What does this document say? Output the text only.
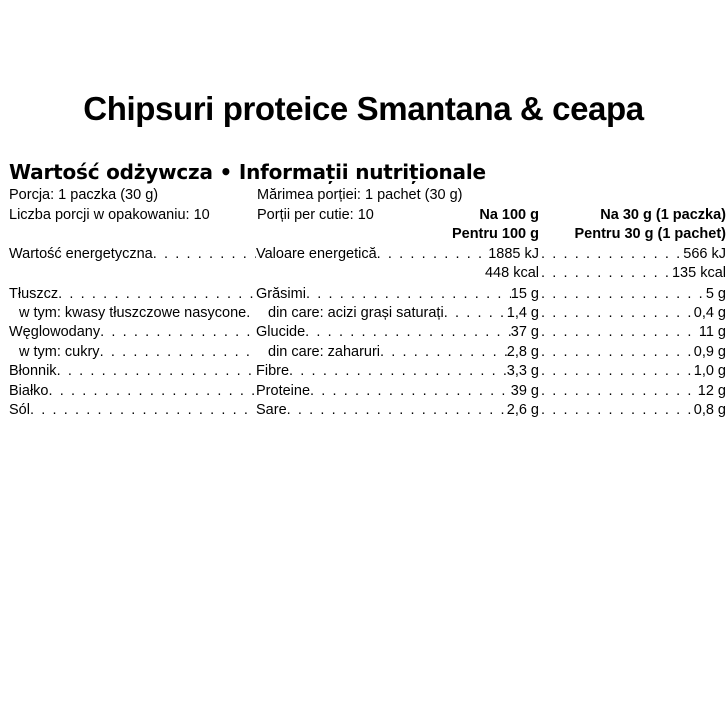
Chipsuri proteice Smantana & ceapa
Wartość odżywcza • Informații nutriționale
Porcja: 1 paczka (30 g)	Mărimea porției: 1 pachet (30 g)
Liczba porcji w opakowaniu: 10	Porții per cutie: 10	Na 100 g	Na 30 g (1 paczka)
Pentru 100 g	Pentru 30 g (1 pachet)
Wartość energetyczna . . .	Valoare energetică . . .	1885 kJ . . .	566 kJ
448 kcal . . .	135 kcal
Tłuszcz . . .	Grăsimi . . .	15 g . . .	5 g
w tym: kwasy tłuszczowe nasycone . . .	din care: acizi grași saturați . . .	1,4 g . . .	0,4 g
Węglowodany . . .	Glucide . . .	37 g . . .	11 g
w tym: cukry . . .	din care: zaharuri . . .	2,8 g . . .	0,9 g
Błonnik . . .	Fibre . . .	3,3 g . . .	1,0 g
Białko . . .	Proteine . . .	39 g . . .	12 g
Sól . . .	Sare . . .	2,6 g . . .	0,8 g
